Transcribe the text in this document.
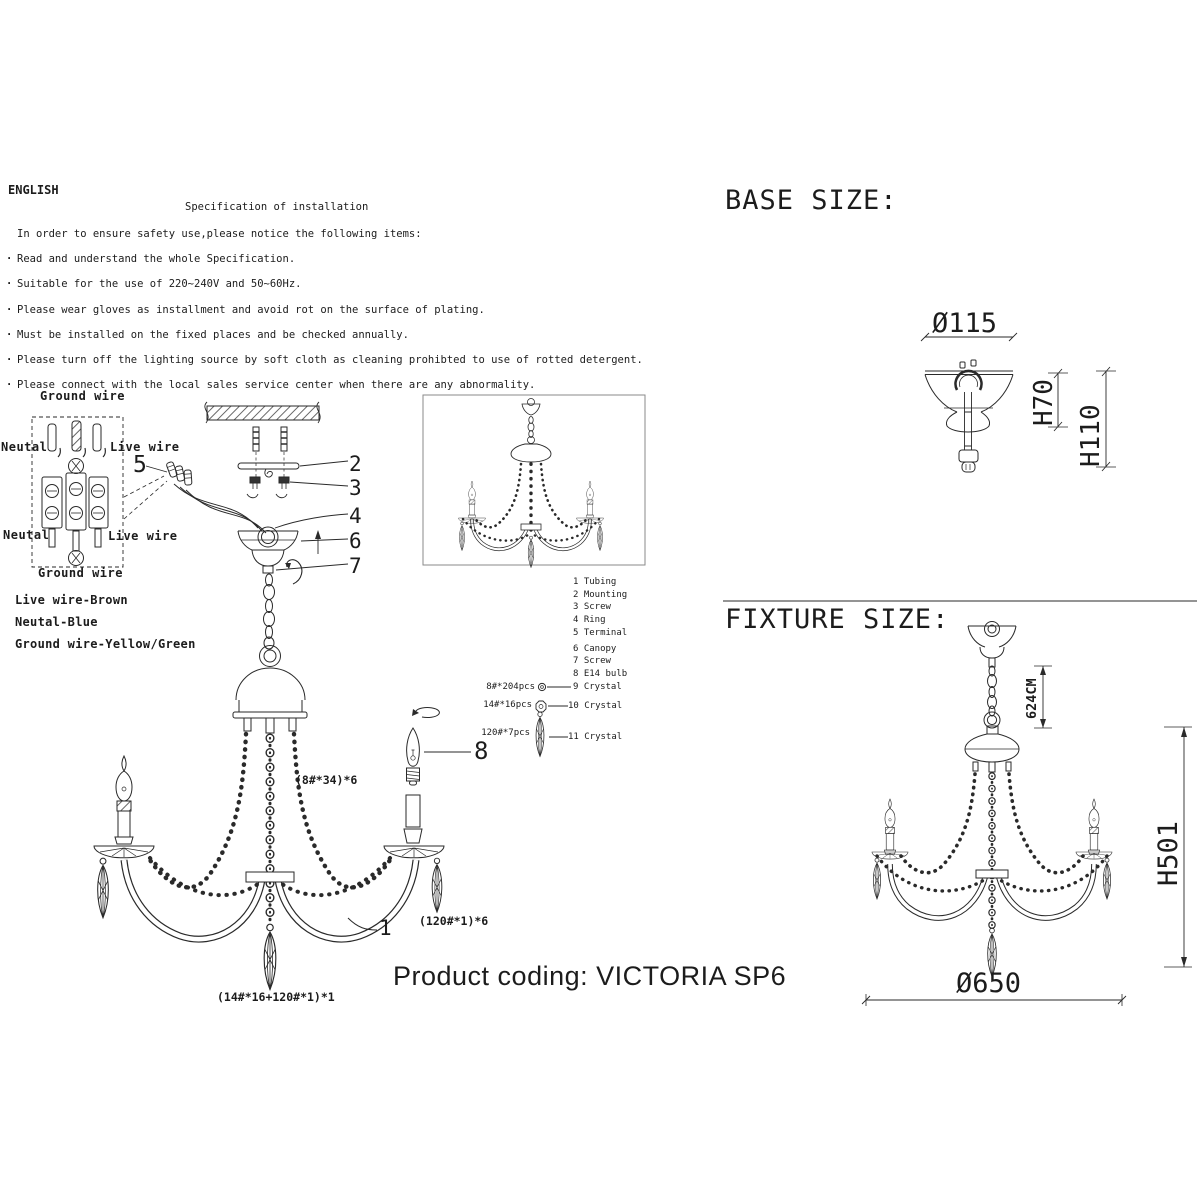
ENGLISH
Specification of installation
In order to ensure safety use,please notice the following items:
· Read and understand the whole Specification.
· Suitable for the use of 220~240V and 50~60Hz.
· Please wear gloves as installment and avoid rot on the surface of plating.
· Must be installed on the fixed places and be checked annually.
· Please turn off the lighting source by soft cloth as cleaning prohibted to use of rotted detergent.
· Please connect with the local sales service center when there are any abnormality.
Ground wire
Neutal	Live wire
Neutal	Live wire
Ground wire
Live wire-Brown
Neutal-Blue
Ground wire-Yellow/Green
5	2
3
4
6
7
1
8
1 Tubing
2 Mounting
3 Screw
4 Ring
5 Terminal
6 Canopy
7 Screw
8 E14 bulb
9 Crystal
10 Crystal
11 Crystal
8#*204pcs
14#*16pcs
120#*7pcs
(8#*34)*6
(120#*1)*6
(14#*16+120#*1)*1
BASE SIZE:
Ø115
H70
H110
FIXTURE SIZE:
624CM
H501
Ø650
Product coding: VICTORIA SP6
